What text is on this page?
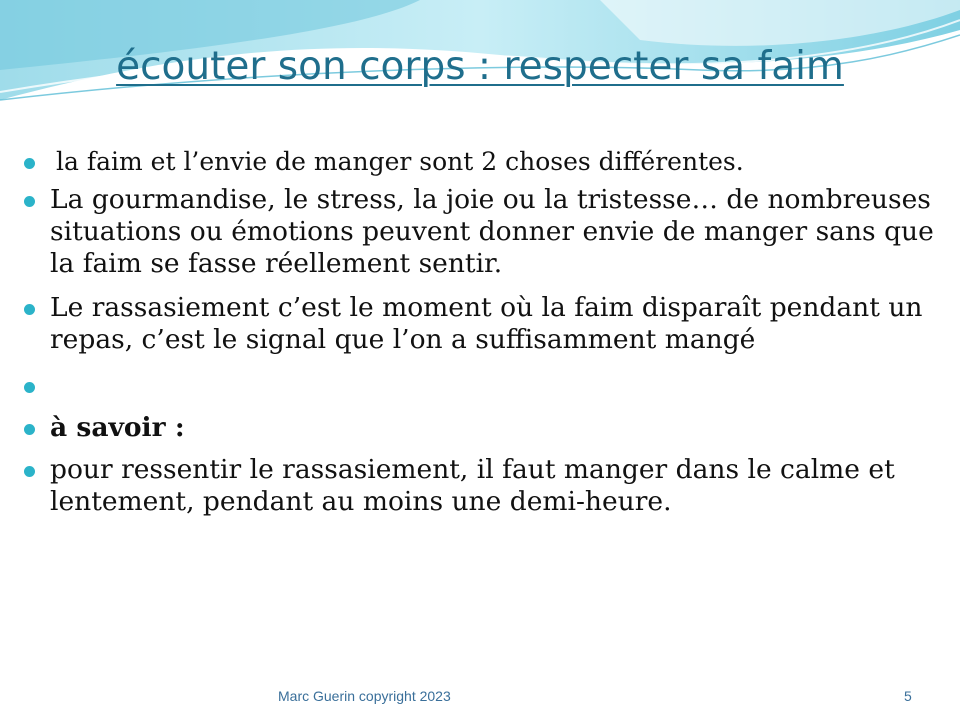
écouter son corps : respecter sa faim
la faim et l’envie de manger sont 2 choses différentes.
La gourmandise, le stress, la joie ou la tristesse… de nombreuses situations ou émotions peuvent donner envie de manger sans que la faim se fasse réellement sentir.
Le rassasiement c’est le moment où la faim disparaît pendant un repas, c’est le signal que l’on a suffisamment mangé
à savoir :
pour ressentir le rassasiement, il faut manger dans le calme et lentement, pendant au moins une demi-heure.
Marc Guerin copyright 2023	5
